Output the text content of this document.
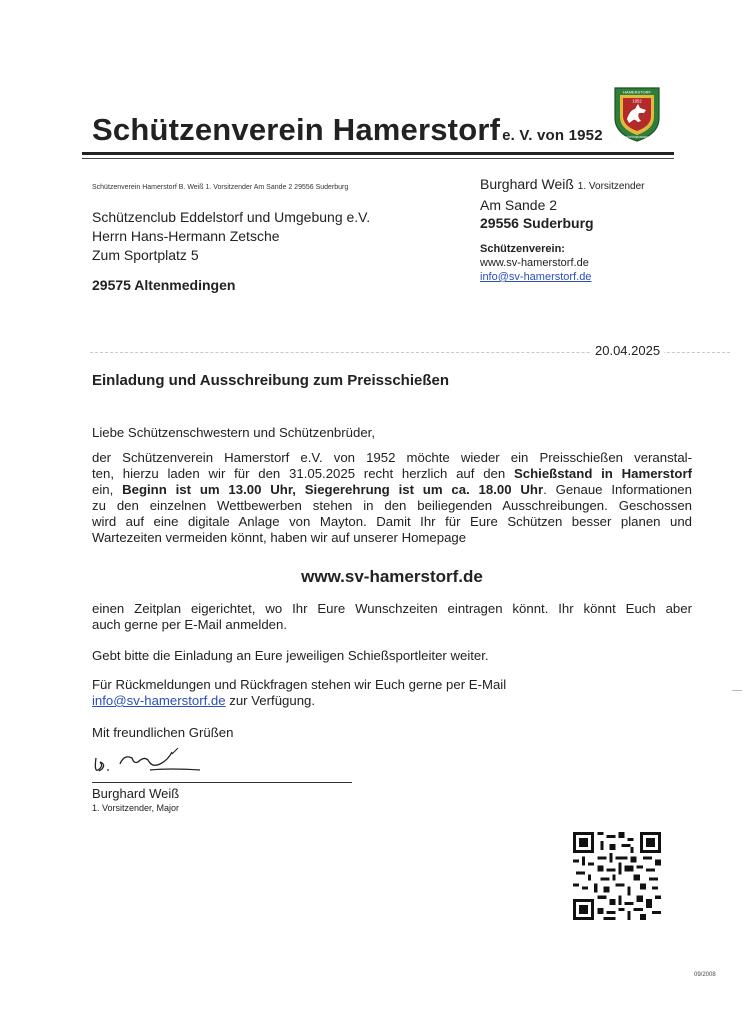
Schützenverein Hamerstorf e. V. von 1952
HAMERSTORF
1952
SCHÜTZENVEREIN
Schützenverein Hamerstorf B. Weiß 1. Vorsitzender Am Sande 2 29556 Suderburg
Schützenclub Eddelstorf und Umgebung e.V.
Herrn Hans-Hermann Zetsche
Zum Sportplatz 5
29575 Altenmedingen
Burghard Weiß 1. Vorsitzender
Am Sande 2
29556 Suderburg
Schützenverein:
www.sv-hamerstorf.de
info@sv-hamerstorf.de
20.04.2025
Einladung und Ausschreibung zum Preisschießen
Liebe Schützenschwestern und Schützenbrüder,
der Schützenverein Hamerstorf e.V. von 1952 möchte wieder ein Preisschießen veranstal-
ten, hierzu laden wir für den 31.05.2025 recht herzlich auf den Schießstand in Hamerstorf
ein, Beginn ist um 13.00 Uhr, Siegerehrung ist um ca. 18.00 Uhr. Genaue Informationen
zu den einzelnen Wettbewerben stehen in den beiliegenden Ausschreibungen. Geschossen
wird auf eine digitale Anlage von Mayton. Damit Ihr für Eure Schützen besser planen und
Wartezeiten vermeiden könnt, haben wir auf unserer Homepage
www.sv-hamerstorf.de
einen Zeitplan eigerichtet, wo Ihr Eure Wunschzeiten eintragen könnt. Ihr könnt Euch aber
auch gerne per E-Mail anmelden.
Gebt bitte die Einladung an Eure jeweiligen Schießsportleiter weiter.
Für Rückmeldungen und Rückfragen stehen wir Euch gerne per E-Mail
info@sv-hamerstorf.de zur Verfügung.
Mit freundlichen Grüßen
Burghard Weiß
1. Vorsitzender, Major
09/2008
